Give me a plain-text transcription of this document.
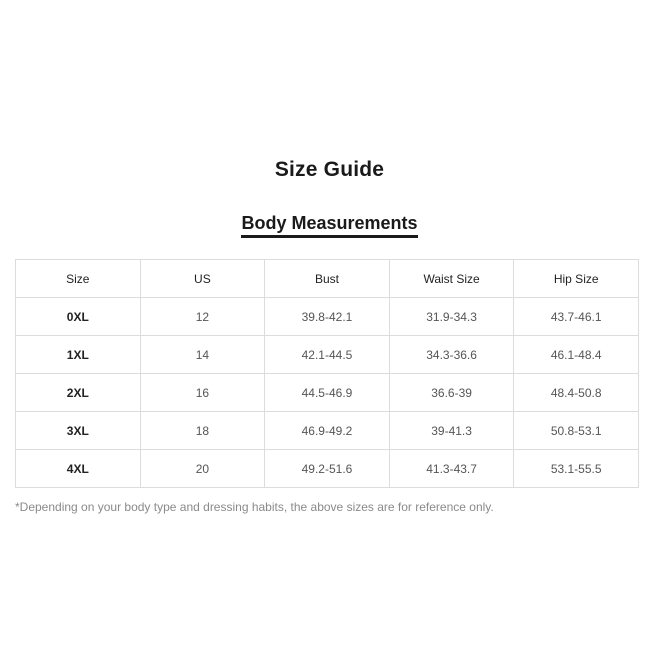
Size Guide
Body Measurements
Size	US	Bust	Waist Size	Hip Size
0XL	12	39.8-42.1	31.9-34.3	43.7-46.1
1XL	14	42.1-44.5	34.3-36.6	46.1-48.4
2XL	16	44.5-46.9	36.6-39	48.4-50.8
3XL	18	46.9-49.2	39-41.3	50.8-53.1
4XL	20	49.2-51.6	41.3-43.7	53.1-55.5
*Depending on your body type and dressing habits, the above sizes are for reference only.
